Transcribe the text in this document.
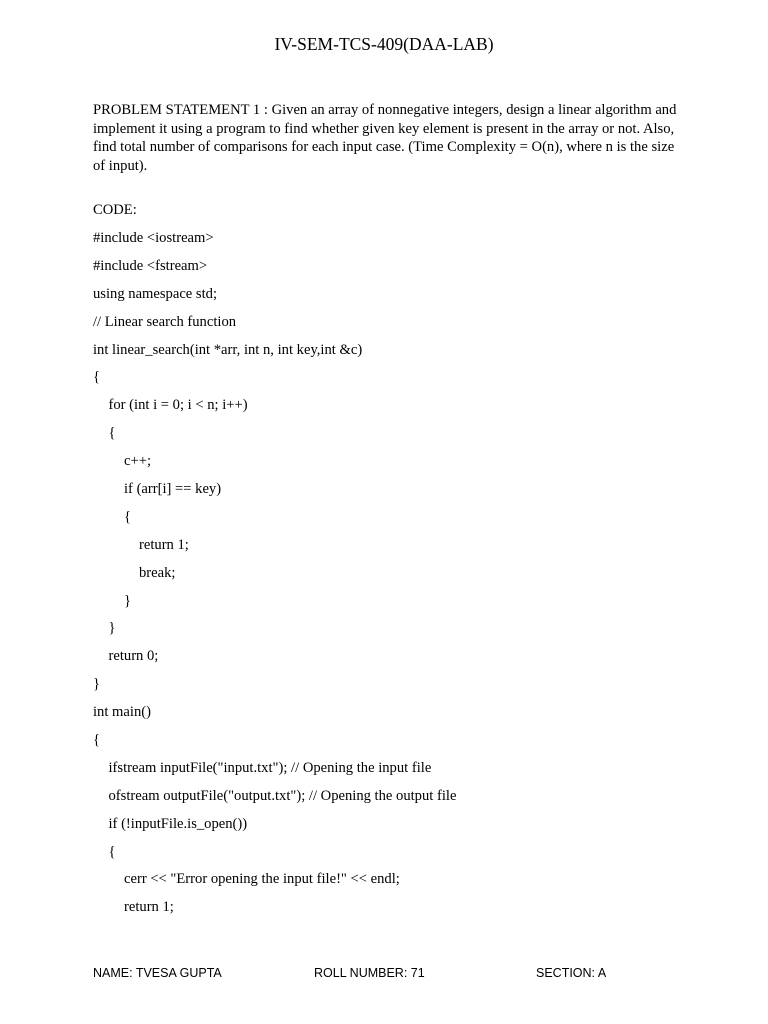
IV-SEM-TCS-409(DAA-LAB)
PROBLEM STATEMENT 1 : Given an array of nonnegative integers, design a linear algorithm and implement it using a program to find whether given key element is present in the array or not. Also, find total number of comparisons for each input case. (Time Complexity = O(n), where n is the size of input).
CODE:
#include <iostream>
#include <fstream>
using namespace std;
// Linear search function
int linear_search(int *arr, int n, int key,int &c)
{
for (int i = 0; i < n; i++)
{
c++;
if (arr[i] == key)
{
return 1;
break;
}
}
return 0;
}
int main()
{
ifstream inputFile("input.txt"); // Opening the input file
ofstream outputFile("output.txt"); // Opening the output file
if (!inputFile.is_open())
{
cerr << "Error opening the input file!" << endl;
return 1;
NAME: TVESA GUPTA	ROLL NUMBER: 71	SECTION: A
